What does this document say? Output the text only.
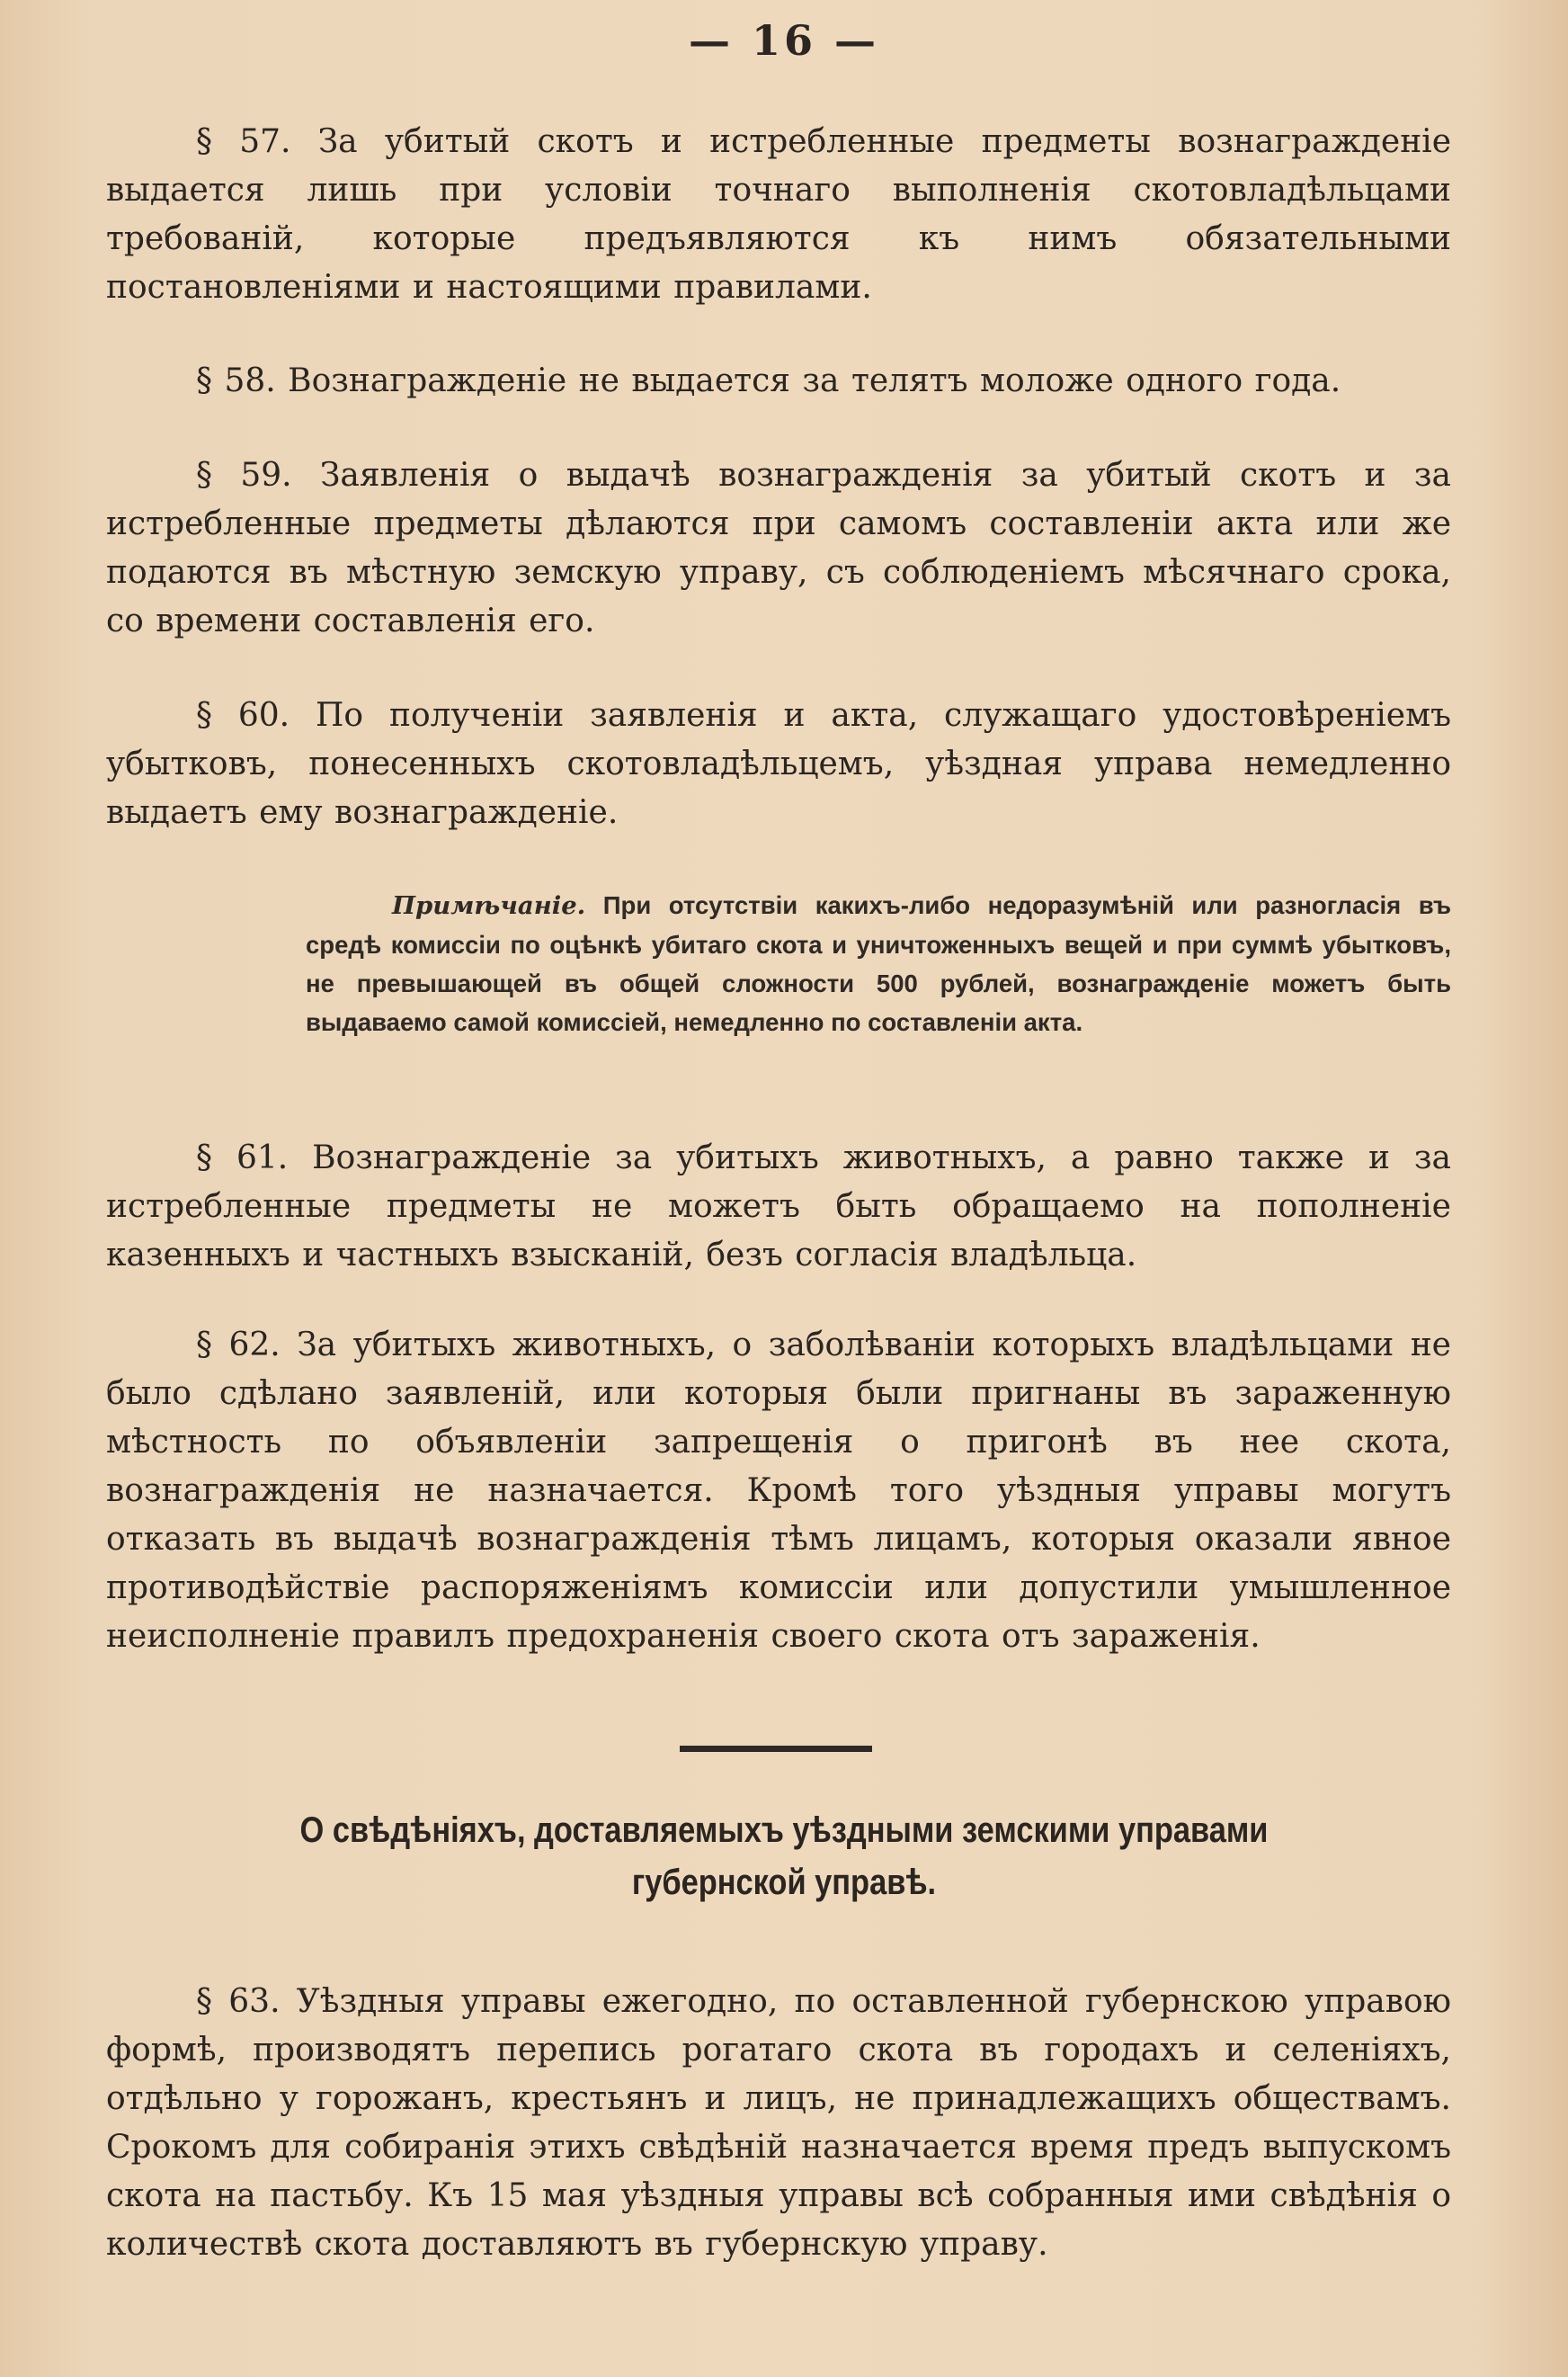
— 16 —

§ 57. За убитый скотъ и истребленные предметы вознагражденіе выдается лишь при условіи точнаго выполненія скотовладѣльцами требованій, которые предъявляются къ нимъ обязательными постановленіями и настоящими правилами.

§ 58. Вознагражденіе не выдается за телятъ моложе одного года.

§ 59. Заявленія о выдачѣ вознагражденія за убитый скотъ и за истребленные предметы дѣлаются при самомъ составленіи акта или же подаются въ мѣстную земскую управу, съ соблюденіемъ мѣсячнаго срока, со времени составленія его.

§ 60. По полученіи заявленія и акта, служащаго удостовѣреніемъ убытковъ, понесенныхъ скотовладѣльцемъ, уѣздная управа немедленно выдаетъ ему вознагражденіе.

Примѣчаніе. При отсутствіи какихъ-либо недоразумѣній или разногласія въ средѣ комиссіи по оцѣнкѣ убитаго скота и уничтоженныхъ вещей и при суммѣ убытковъ, не превышающей въ общей сложности 500 рублей, вознагражденіе можетъ быть выдаваемо самой комиссіей, немедленно по составленіи акта.

§ 61. Вознагражденіе за убитыхъ животныхъ, а равно также и за истребленные предметы не можетъ быть обращаемо на пополненіе казенныхъ и частныхъ взысканій, безъ согласія владѣльца.

§ 62. За убитыхъ животныхъ, о заболѣваніи которыхъ владѣльцами не было сдѣлано заявленій, или которыя были пригнаны въ зараженную мѣстность по объявленіи запрещенія о пригонѣ въ нее скота, вознагражденія не назначается. Кромѣ того уѣздныя управы могутъ отказать въ выдачѣ вознагражденія тѣмъ лицамъ, которыя оказали явное противодѣйствіе распоряженіямъ комиссіи или допустили умышленное неисполненіе правилъ предохраненія своего скота отъ зараженія.

О свѣдѣніяхъ, доставляемыхъ уѣздными земскими управами губернской управѣ.

§ 63. Уѣздныя управы ежегодно, по оставленной губернскою управою формѣ, производятъ перепись рогатаго скота въ городахъ и селеніяхъ, отдѣльно у горожанъ, крестьянъ и лицъ, не принадлежащихъ обществамъ. Срокомъ для собиранія этихъ свѣдѣній назначается время предъ выпускомъ скота на пастьбу. Къ 15 мая уѣздныя управы всѣ собранныя ими свѣдѣнія о количествѣ скота доставляютъ въ губернскую управу.
